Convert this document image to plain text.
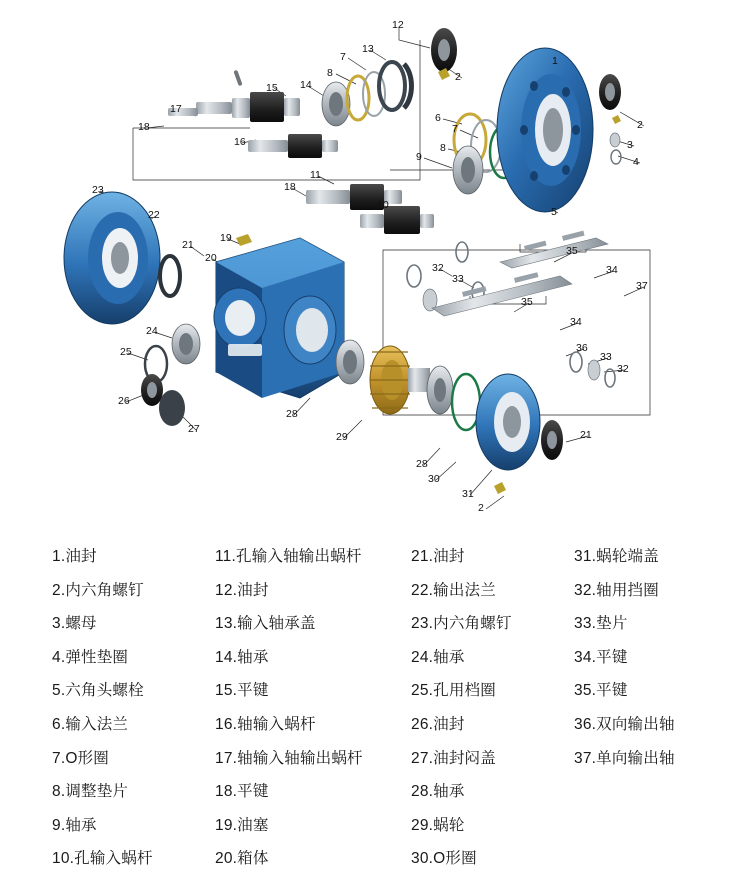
12
13
7	1
8	2
15 14
17
2
18
16
7
6
8	3
4
9
11
18
10
5
23
22
21
19
20
35
32
33
34
37
35
34
24
25	36
33
32
26
27
28
29	21
28
30
31
2
1.油封
2.内六角螺钉
3.螺母
4.弹性垫圈
5.六角头螺栓
6.输入法兰
7.O形圈
8.调整垫片
9.轴承
10.孔输入蜗杆
11.孔输入轴输出蜗杆
12.油封
13.输入轴承盖
14.轴承
15.平键
16.轴输入蜗杆
17.轴输入轴输出蜗杆
18.平键
19.油塞
20.箱体
21.油封
22.输出法兰
23.内六角螺钉
24.轴承
25.孔用档圈
26.油封
27.油封闷盖
28.轴承
29.蜗轮
30.O形圈
31.蜗轮端盖
32.轴用挡圈
33.垫片
34.平键
35.平键
36.双向输出轴
37.单向输出轴
